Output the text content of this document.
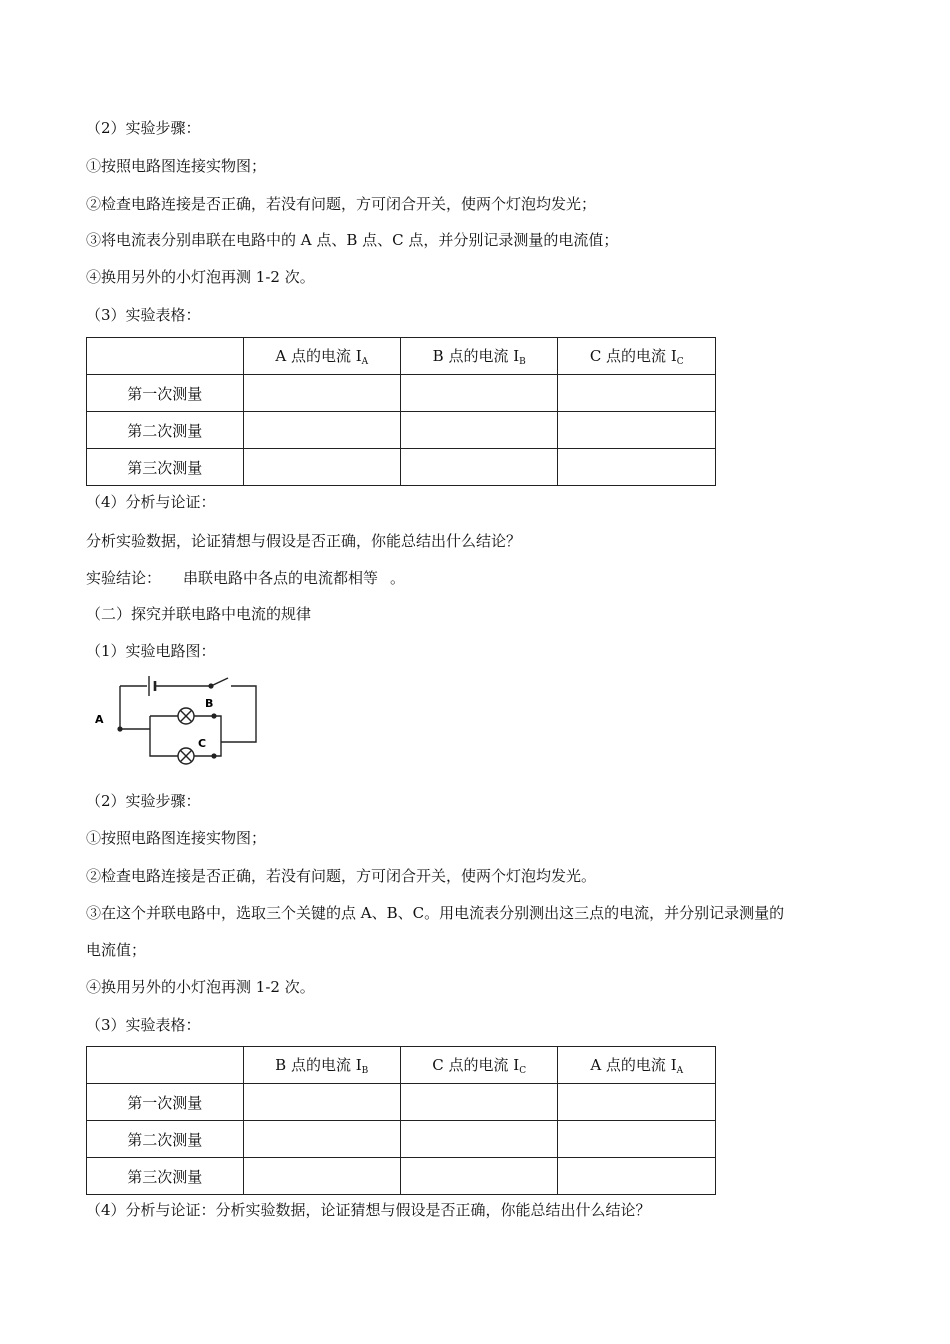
（2）实验步骤：
①按照电路图连接实物图；
②检查电路连接是否正确，若没有问题，方可闭合开关，使两个灯泡均发光；
③将电流表分别串联在电路中的 A 点、B 点、C 点，并分别记录测量的电流值；
④换用另外的小灯泡再测 1-2 次。
（3）实验表格：
	A 点的电流 $I_A$	B 点的电流 $I_B$	C 点的电流 $I_C$
第一次测量			
第二次测量			
第三次测量			
（4）分析与论证：
分析实验数据，论证猜想与假设是否正确，你能总结出什么结论？
实验结论： 串联电路中各点的电流都相等 。
（二）探究并联电路中电流的规律
（1）实验电路图：
A
B
C
（2）实验步骤：
①按照电路图连接实物图；
②检查电路连接是否正确，若没有问题，方可闭合开关，使两个灯泡均发光。
③在这个并联电路中，选取三个关键的点 A、B、C。用电流表分别测出这三点的电流，并分别记录测量的
电流值；
④换用另外的小灯泡再测 1-2 次。
（3）实验表格：
	B 点的电流 $I_B$	C 点的电流 $I_C$	A 点的电流 $I_A$
第一次测量			
第二次测量			
第三次测量			
（4）分析与论证：分析实验数据，论证猜想与假设是否正确，你能总结出什么结论？
